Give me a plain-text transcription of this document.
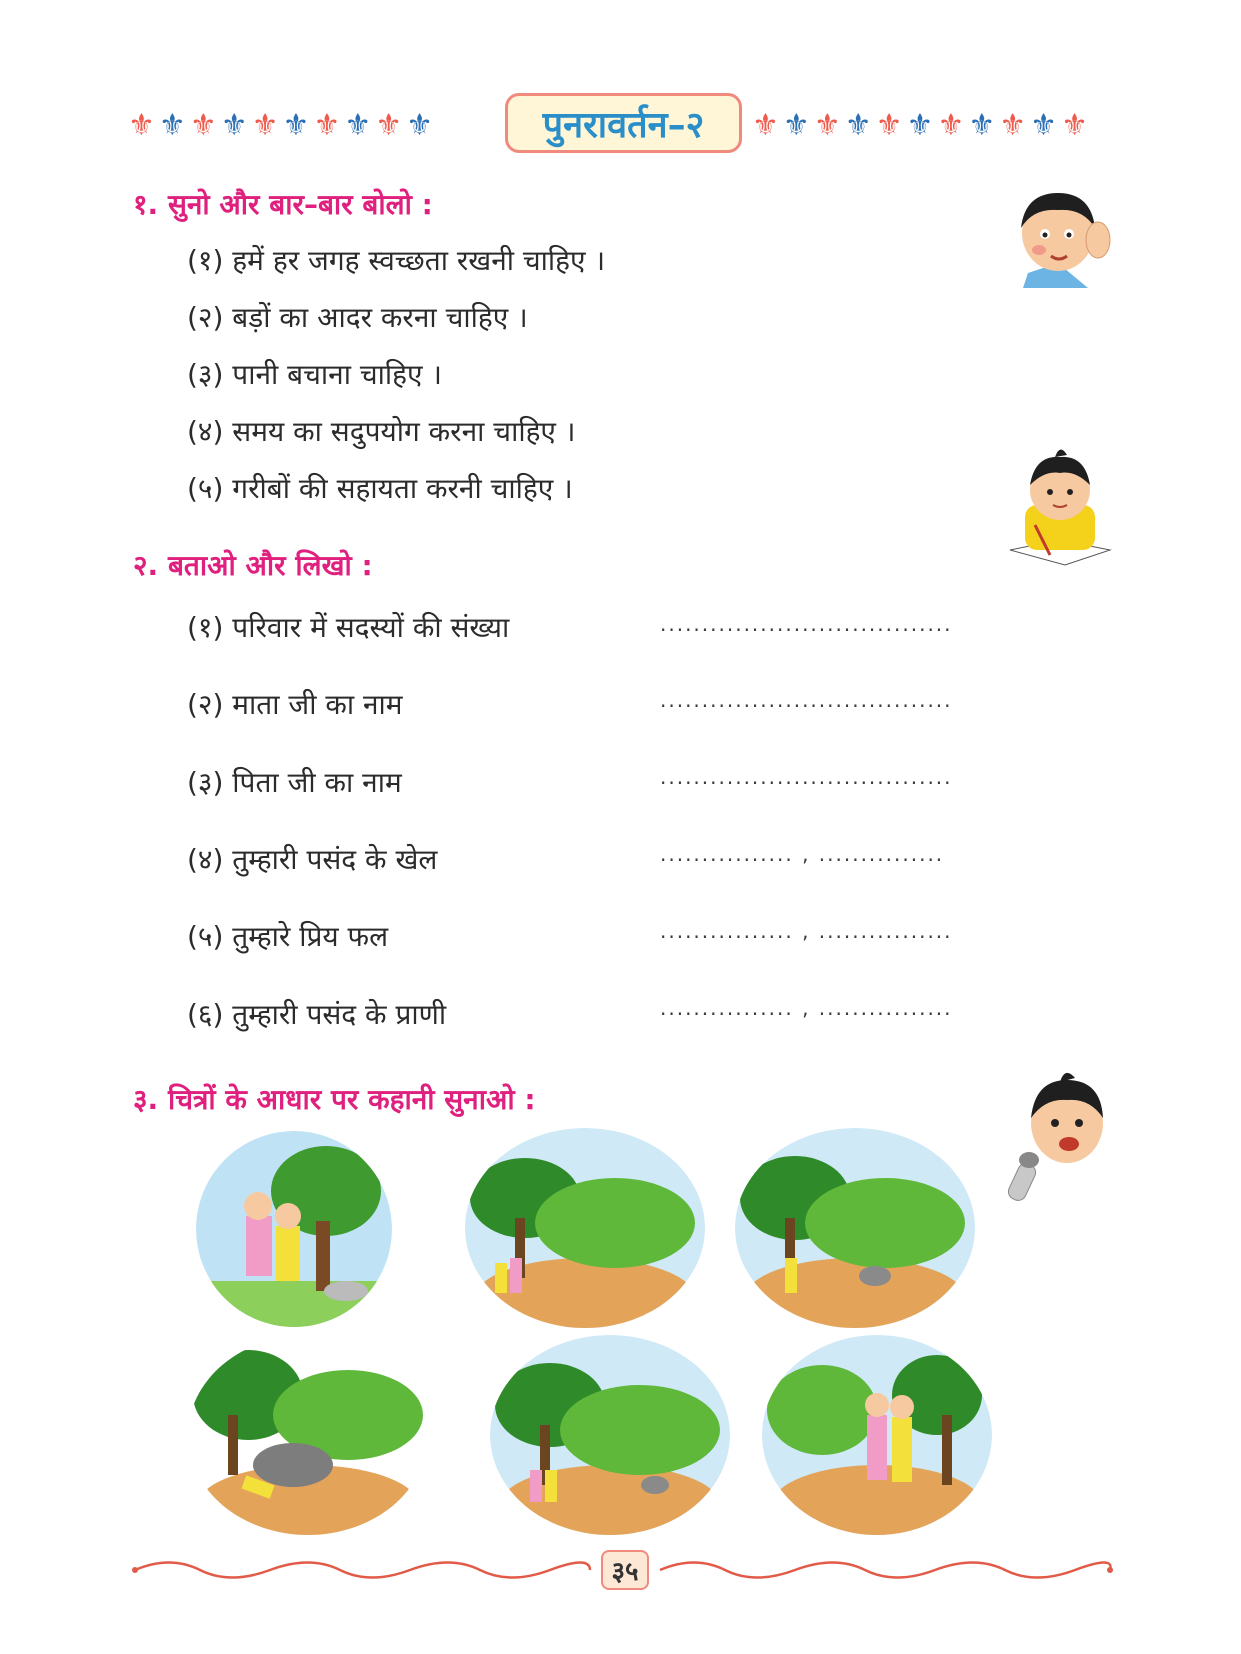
⚜ ⚜ ⚜ ⚜ ⚜ ⚜ ⚜ ⚜ ⚜ ⚜	पुनरावर्तन–२ ⚜ ⚜ ⚜ ⚜ ⚜ ⚜ ⚜ ⚜ ⚜ ⚜ ⚜
१. सुनो और बार–बार बोलो :
(१) हमें हर जगह स्वच्छता रखनी चाहिए ।
(२) बड़ों का आदर करना चाहिए ।
(३) पानी बचाना चाहिए ।
(४) समय का सदुपयोग करना चाहिए ।
(५) गरीबों की सहायता करनी चाहिए ।
२. बताओ और लिखो :
(१) परिवार में सदस्यों की संख्या	...................................
(२) माता जी का नाम	...................................
(३) पिता जी का नाम	...................................
(४) तुम्हारी पसंद के खेल	................ , ...............
(५) तुम्हारे प्रिय फल	................ , ................
(६) तुम्हारी पसंद के प्राणी	................ , ................
३. चित्रों के आधार पर कहानी सुनाओ :
३५
